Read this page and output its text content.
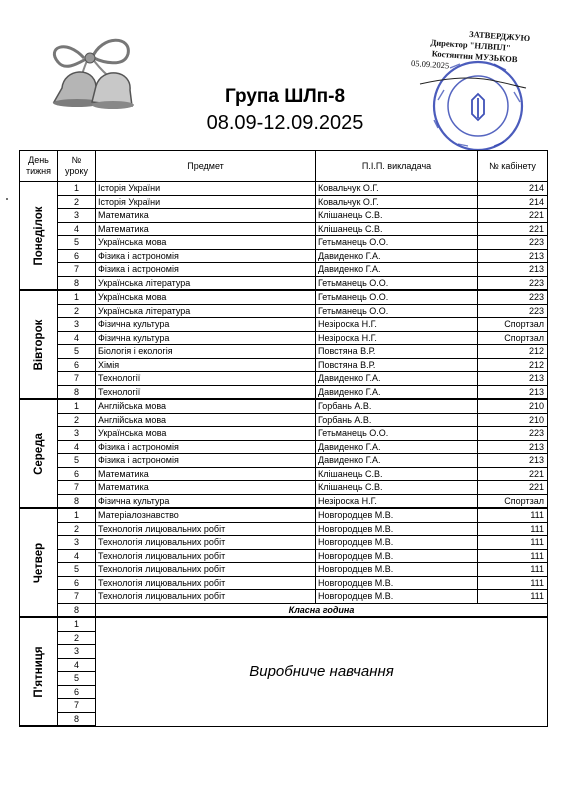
ЗАТВЕРДЖУЮ
Директор "НЛВПЛ"
Костянтин МУЗЬКОВ
05.09.2025
Група ШЛп-8
08.09-12.09.2025
День тижня	№ уроку	Предмет	П.І.П. викладача	№ кабінету

Понеділок	1	Історія України	Ковальчук О.Г.	214
	2	Історія України	Ковальчук О.Г.	214
	3	Математика	Клішанець С.В.	221
	4	Математика	Клішанець С.В.	221
	5	Українська мова	Гетьманець О.О.	223
	6	Фізика і астрономія	Давиденко Г.А.	213
	7	Фізика і астрономія	Давиденко Г.А.	213
	8	Українська література	Гетьманець О.О.	223

Вівторок	1	Українська мова	Гетьманець О.О.	223
	2	Українська література	Гетьманець О.О.	223
	3	Фізична культура	Незіроска Н.Г.	Спортзал
	4	Фізична культура	Незіроска Н.Г.	Спортзал
	5	Біологія і екологія	Повстяна В.Р.	212
	6	Хімія	Повстяна В.Р.	212
	7	Технології	Давиденко Г.А.	213
	8	Технології	Давиденко Г.А.	213

Середа	1	Англійська мова	Горбань А.В.	210
	2	Англійська мова	Горбань А.В.	210
	3	Українська мова	Гетьманець О.О.	223
	4	Фізика і астрономія	Давиденко Г.А.	213
	5	Фізика і астрономія	Давиденко Г.А.	213
	6	Математика	Клішанець С.В.	221
	7	Математика	Клішанець С.В.	221
	8	Фізична культура	Незіроска Н.Г.	Спортзал

Четвер	1	Матеріалознавство	Новгородцев М.В.	111
	2	Технологія лицювальних робіт	Новгородцев М.В.	111
	3	Технологія лицювальних робіт	Новгородцев М.В.	111
	4	Технологія лицювальних робіт	Новгородцев М.В.	111
	5	Технологія лицювальних робіт	Новгородцев М.В.	111
	6	Технологія лицювальних робіт	Новгородцев М.В.	111
	7	Технологія лицювальних робіт	Новгородцев М.В.	111
	8	Класна година		

П'ятниця	1	Виробниче навчання		
	2			
	3			
	4			
	5			
	6			
	7			
	8			
